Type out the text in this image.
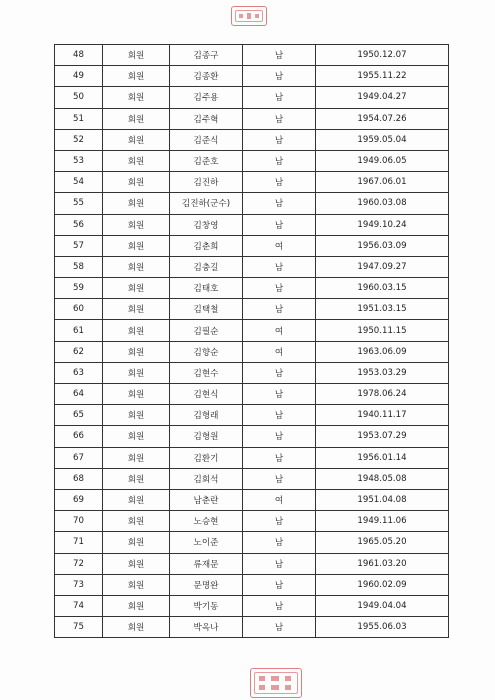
48	회원	김종구	남	1950.12.07
49	회원	김종환	남	1955.11.22
50	회원	김주용	남	1949.04.27
51	회원	김주혁	남	1954.07.26
52	회원	김준식	남	1959.05.04
53	회원	김준호	남	1949.06.05
54	회원	김진하	남	1967.06.01
55	회원	김진하(군수)	남	1960.03.08
56	회원	김창영	남	1949.10.24
57	회원	김춘희	여	1956.03.09
58	회원	김충길	남	1947.09.27
59	회원	김태호	남	1960.03.15
60	회원	김택철	남	1951.03.15
61	회원	김필순	여	1950.11.15
62	회원	김향순	여	1963.06.09
63	회원	김현수	남	1953.03.29
64	회원	김현식	남	1978.06.24
65	회원	김형래	남	1940.11.17
66	회원	김형원	남	1953.07.29
67	회원	김환기	남	1956.01.14
68	회원	김회석	남	1948.05.08
69	회원	남춘란	여	1951.04.08
70	회원	노승현	남	1949.11.06
71	회원	노이준	남	1965.05.20
72	회원	류재문	남	1961.03.20
73	회원	문명완	남	1960.02.09
74	회원	박기동	남	1949.04.04
75	회원	박옥나	남	1955.06.03
